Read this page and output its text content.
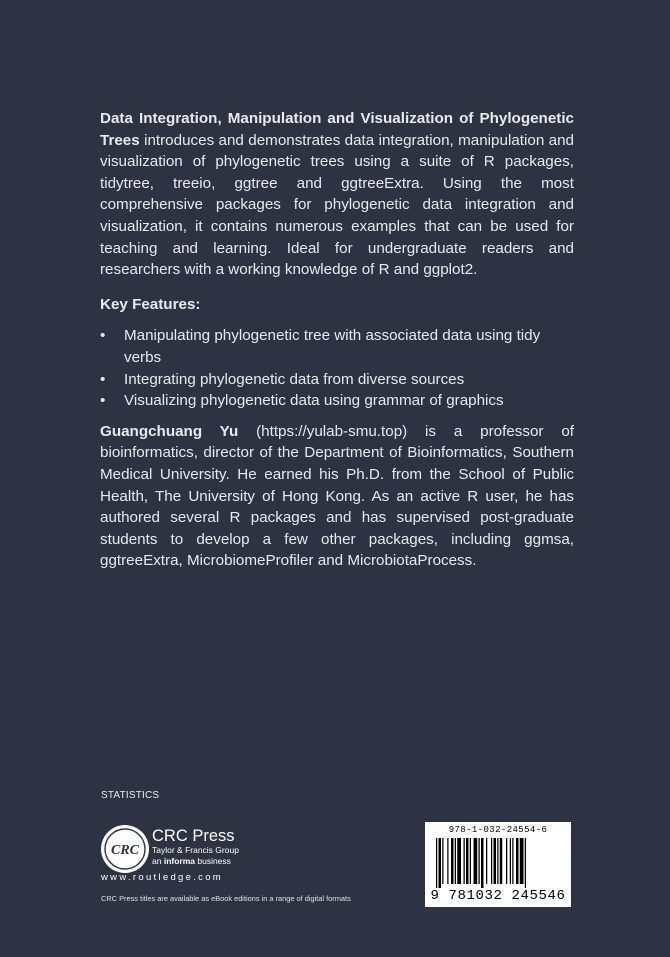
Data Integration, Manipulation and Visualization of Phylogenetic Trees introduces and demonstrates data integration, manipulation and visualization of phylogenetic trees using a suite of R packages, tidytree, treeio, ggtree and ggtreeExtra. Using the most comprehensive packages for phylogenetic data integration and visualization, it contains numerous examples that can be used for teaching and learning. Ideal for undergraduate readers and researchers with a working knowledge of R and ggplot2.

Key Features:
• Manipulating phylogenetic tree with associated data using tidy verbs
• Integrating phylogenetic data from diverse sources
• Visualizing phylogenetic data using grammar of graphics

Guangchuang Yu (https://yulab-smu.top) is a professor of bioinformatics, director of the Department of Bioinformatics, Southern Medical University. He earned his Ph.D. from the School of Public Health, The University of Hong Kong. As an active R user, he has authored several R packages and has supervised post-graduate students to develop a few other packages, including ggmsa, ggtreeExtra, MicrobiomeProfiler and MicrobiotaProcess.

STATISTICS
CRC
CRC Press
Taylor & Francis Group
an informa business
www.routledge.com
CRC Press titles are available as eBook editions in a range of digital formats
978-1-032-24554-6
9 781032 245546
